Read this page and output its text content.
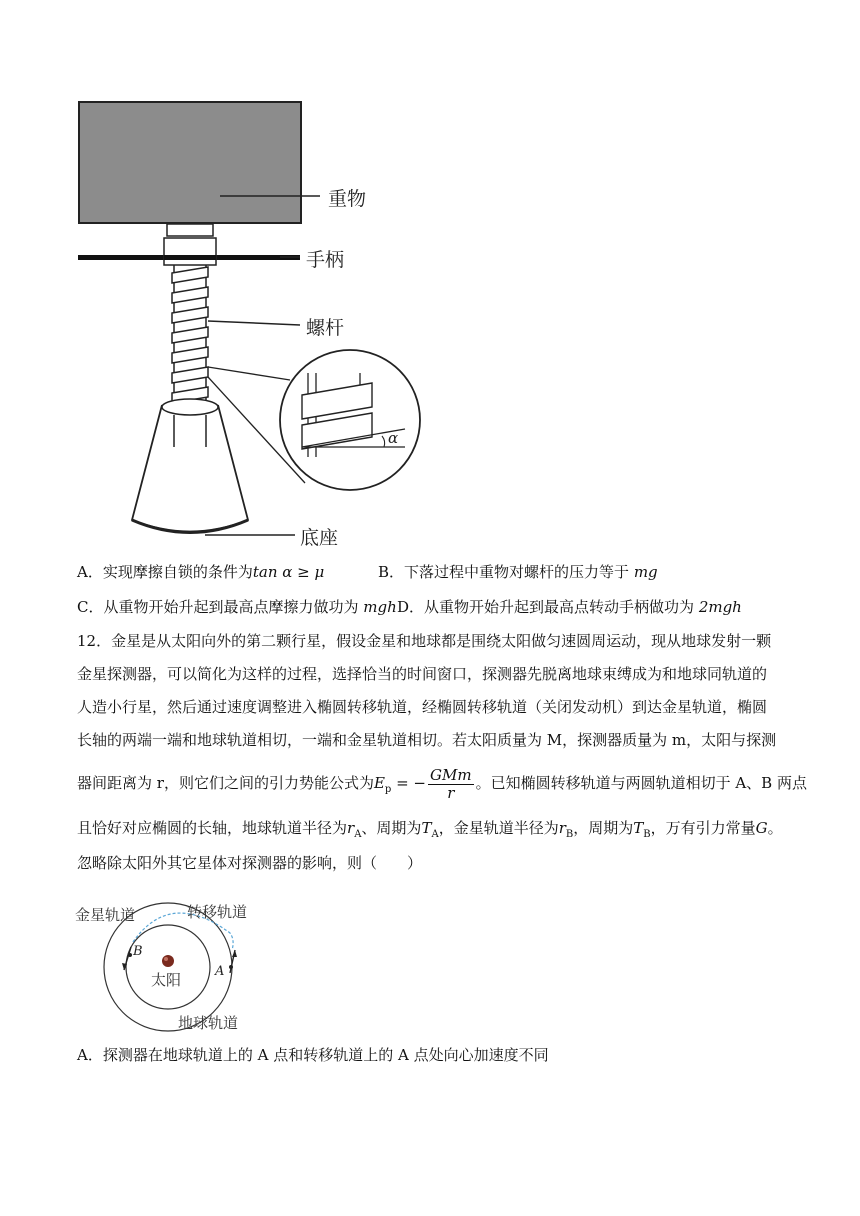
α
重物
手柄
螺杆
底座
A．实现摩擦自锁的条件为tan α ≥ μ	B．下落过程中重物对螺杆的压力等于 mg
C．从重物开始升起到最高点摩擦力做功为 mgh D．从重物开始升起到最高点转动手柄做功为 2mgh
12．金星是从太阳向外的第二颗行星，假设金星和地球都是围绕太阳做匀速圆周运动，现从地球发射一颗
金星探测器，可以简化为这样的过程，选择恰当的时间窗口，探测器先脱离地球束缚成为和地球同轨道的
人造小行星，然后通过速度调整进入椭圆转移轨道，经椭圆转移轨道（关闭发动机）到达金星轨道，椭圆
长轴的两端一端和地球轨道相切，一端和金星轨道相切。若太阳质量为 M，探测器质量为 m，太阳与探测
器间距离为 r，则它们之间的引力势能公式为$E_p$ = − $\frac{\text{GMm}}{r}$ 。已知椭圆转移轨道与两圆轨道相切于 A、B 两点
且恰好对应椭圆的长轴，地球轨道半径为$r_A$、周期为$T_A$，金星轨道半径为$r_B$，周期为$T_B$，万有引力常量G。
忽略除太阳外其它星体对探测器的影响，则（　　）
金星轨道	转移轨道
太阳
地球轨道
B
A
A．探测器在地球轨道上的 A 点和转移轨道上的 A 点处向心加速度不同
